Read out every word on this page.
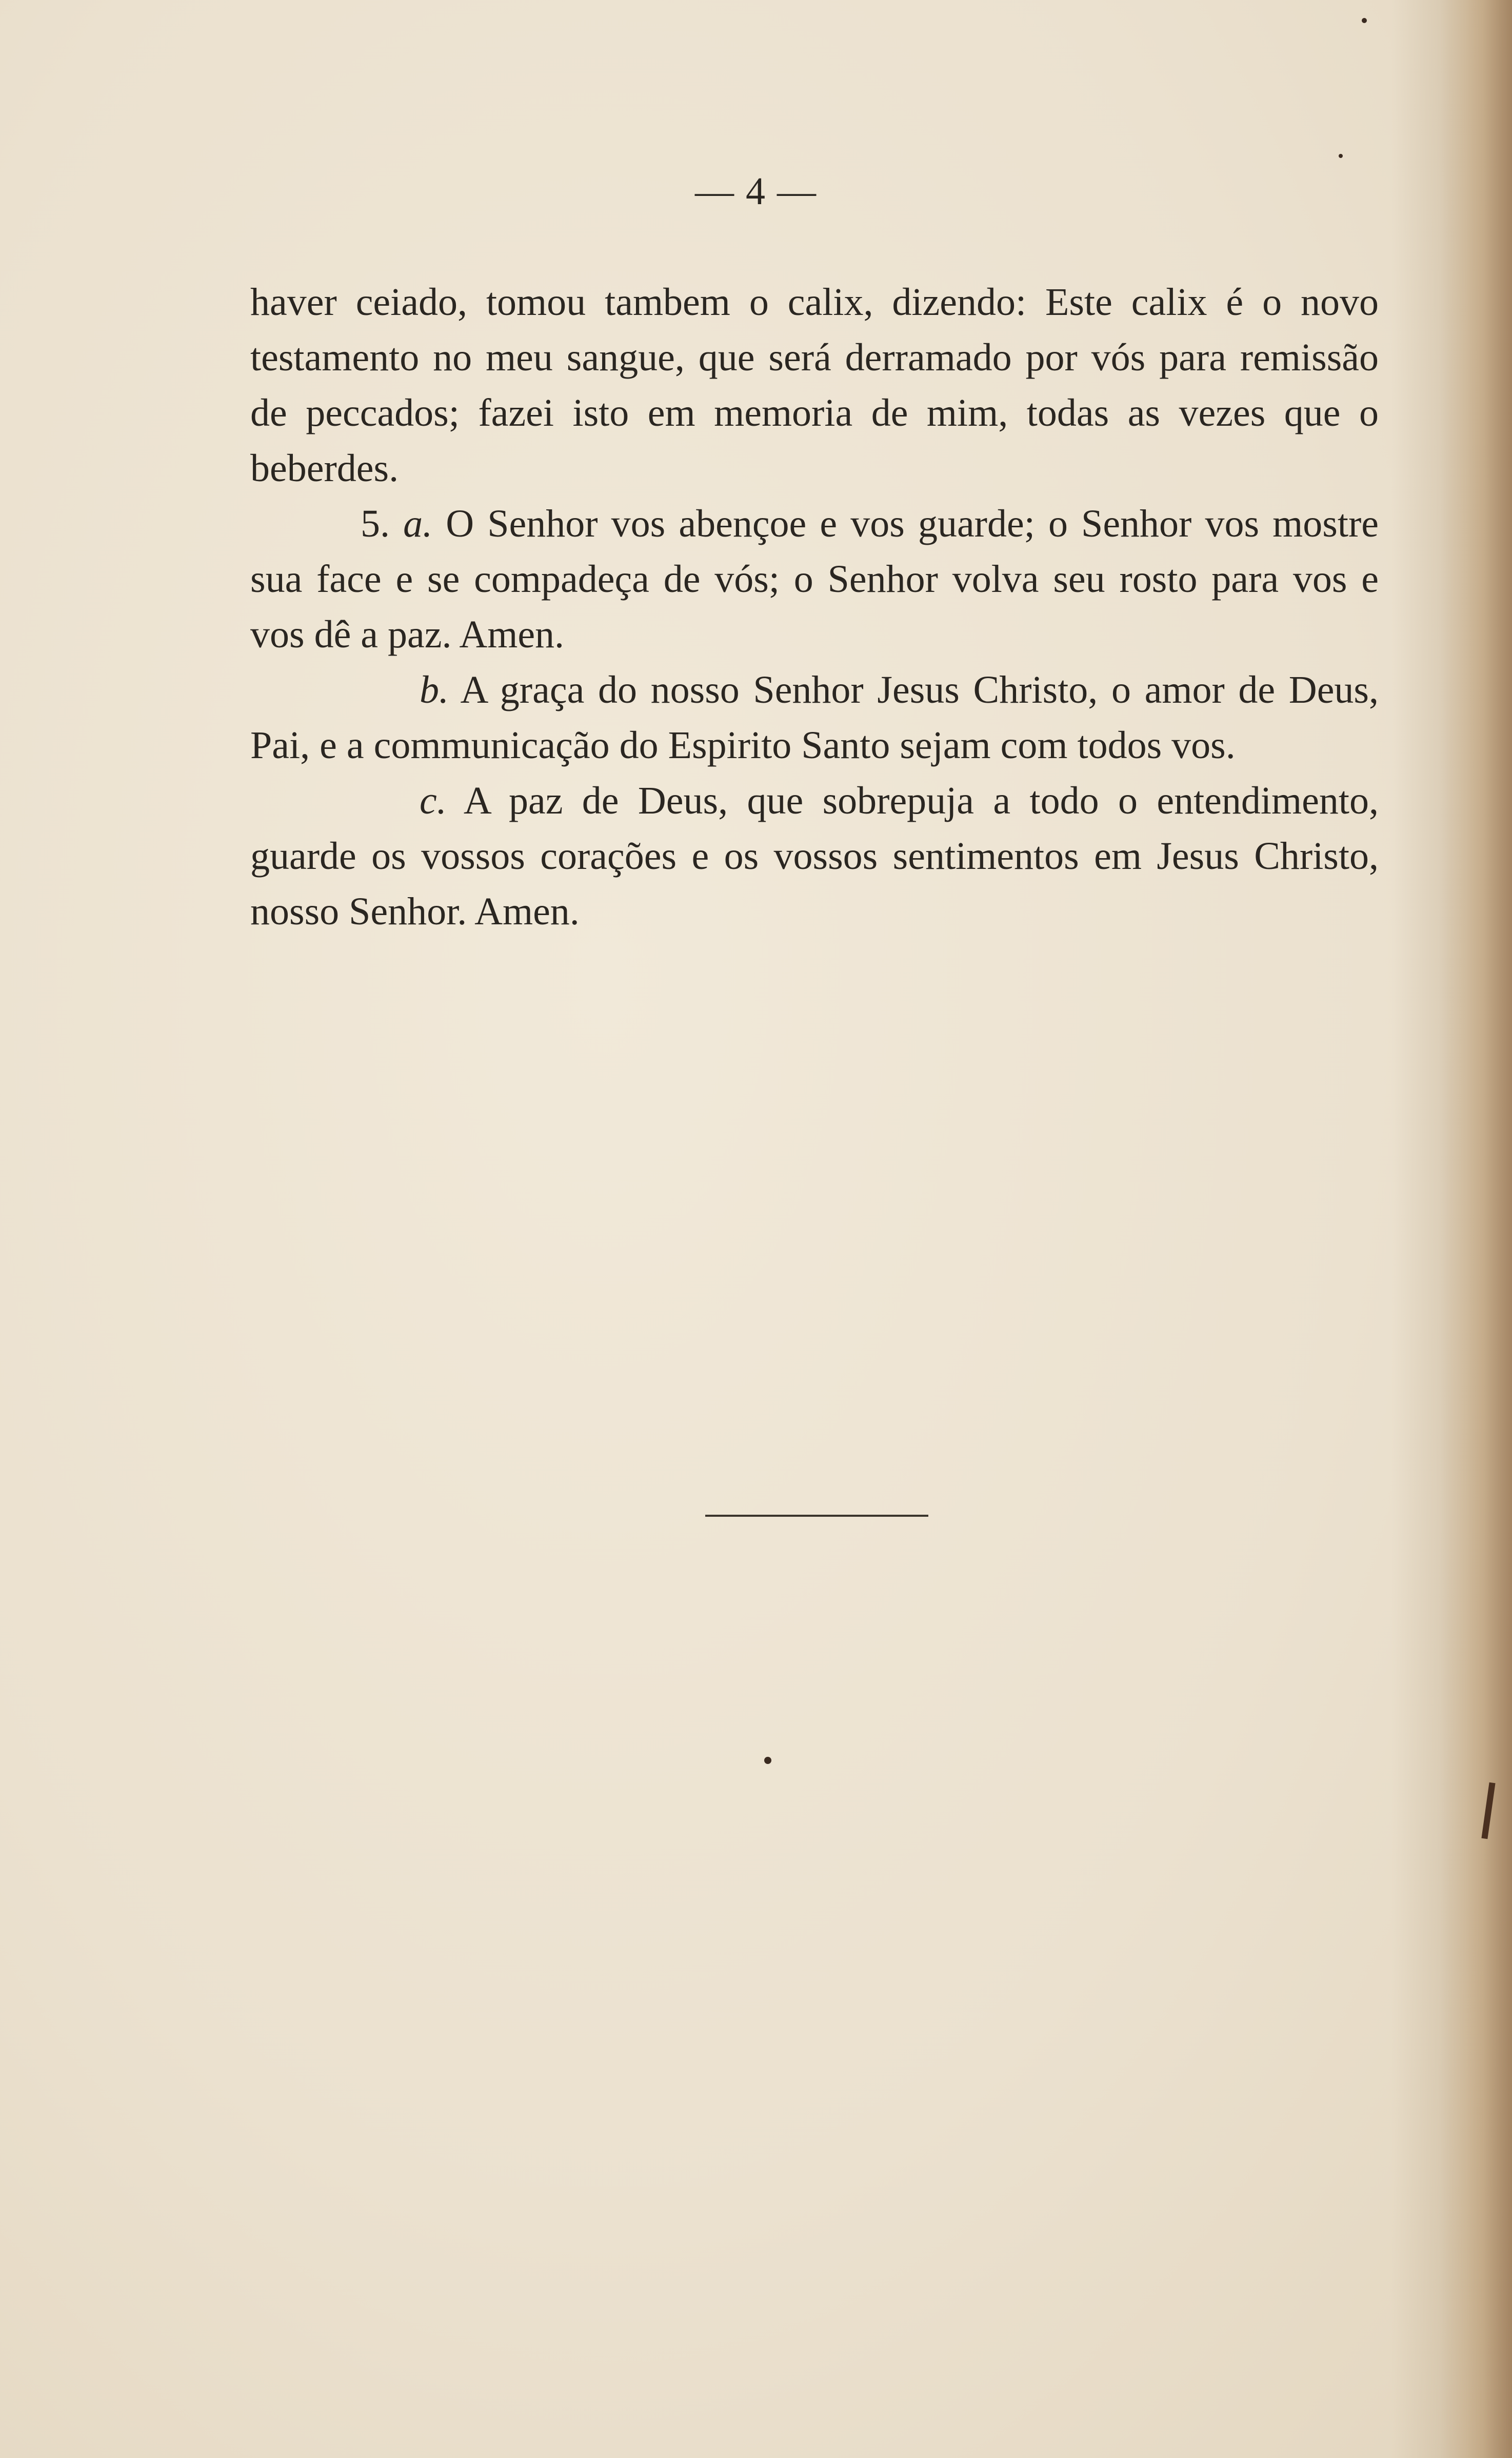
— 4 —

haver ceiado, tomou tambem o calix, dizendo: Este calix é o novo testamento no meu sangue, que será derramado por vós para remissão de peccados; fazei isto em memoria de mim, todas as vezes que o beberdes.

5. a. O Senhor vos abençoe e vos guarde; o Senhor vos mostre sua face e se compadeça de vós; o Senhor volva seu rosto para vos e vos dê a paz. Amen.

b. A graça do nosso Senhor Jesus Christo, o amor de Deus, Pai, e a communicação do Espirito Santo sejam com todos vos.

c. A paz de Deus, que sobrepuja a todo o entendimento, guarde os vossos corações e os vossos sentimentos em Jesus Christo, nosso Senhor. Amen.
